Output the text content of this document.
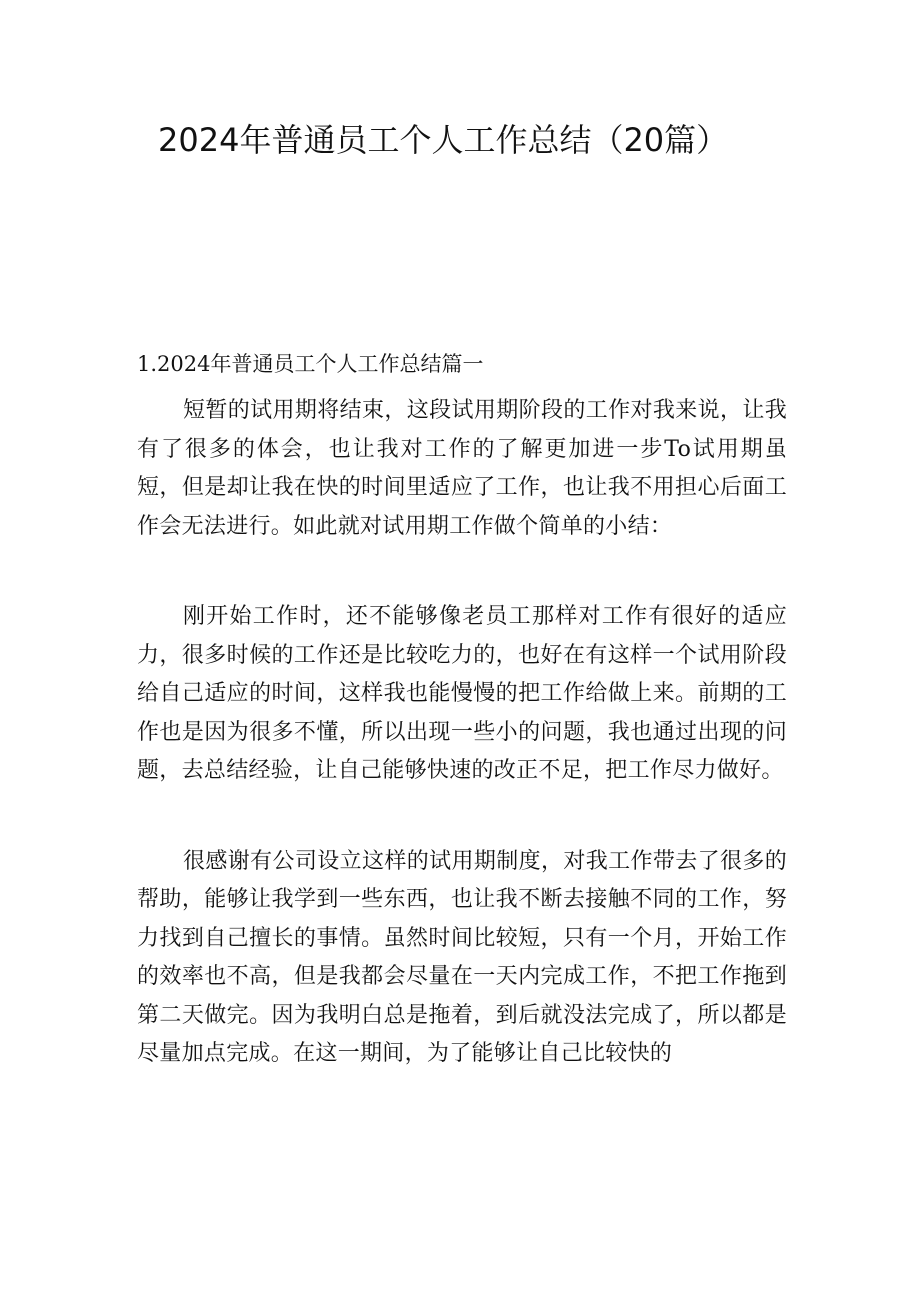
2024年普通员工个人工作总结（20篇）
1.2024年普通员工个人工作总结篇一

短暂的试用期将结束，这段试用期阶段的工作对我来说，让我有了很多的体会，也让我对工作的了解更加进一步To试用期虽短，但是却让我在快的时间里适应了工作，也让我不用担心后面工作会无法进行。如此就对试用期工作做个简单的小结：

刚开始工作时，还不能够像老员工那样对工作有很好的适应力，很多时候的工作还是比较吃力的，也好在有这样一个试用阶段给自己适应的时间，这样我也能慢慢的把工作给做上来。前期的工作也是因为很多不懂，所以出现一些小的问题，我也通过出现的问题，去总结经验，让自己能够快速的改正不足，把工作尽力做好。

很感谢有公司设立这样的试用期制度，对我工作带去了很多的帮助，能够让我学到一些东西，也让我不断去接触不同的工作，努力找到自己擅长的事情。虽然时间比较短，只有一个月，开始工作的效率也不高，但是我都会尽量在一天内完成工作，不把工作拖到第二天做完。因为我明白总是拖着，到后就没法完成了，所以都是尽量加点完成。在这一期间，为了能够让自己比较快的
